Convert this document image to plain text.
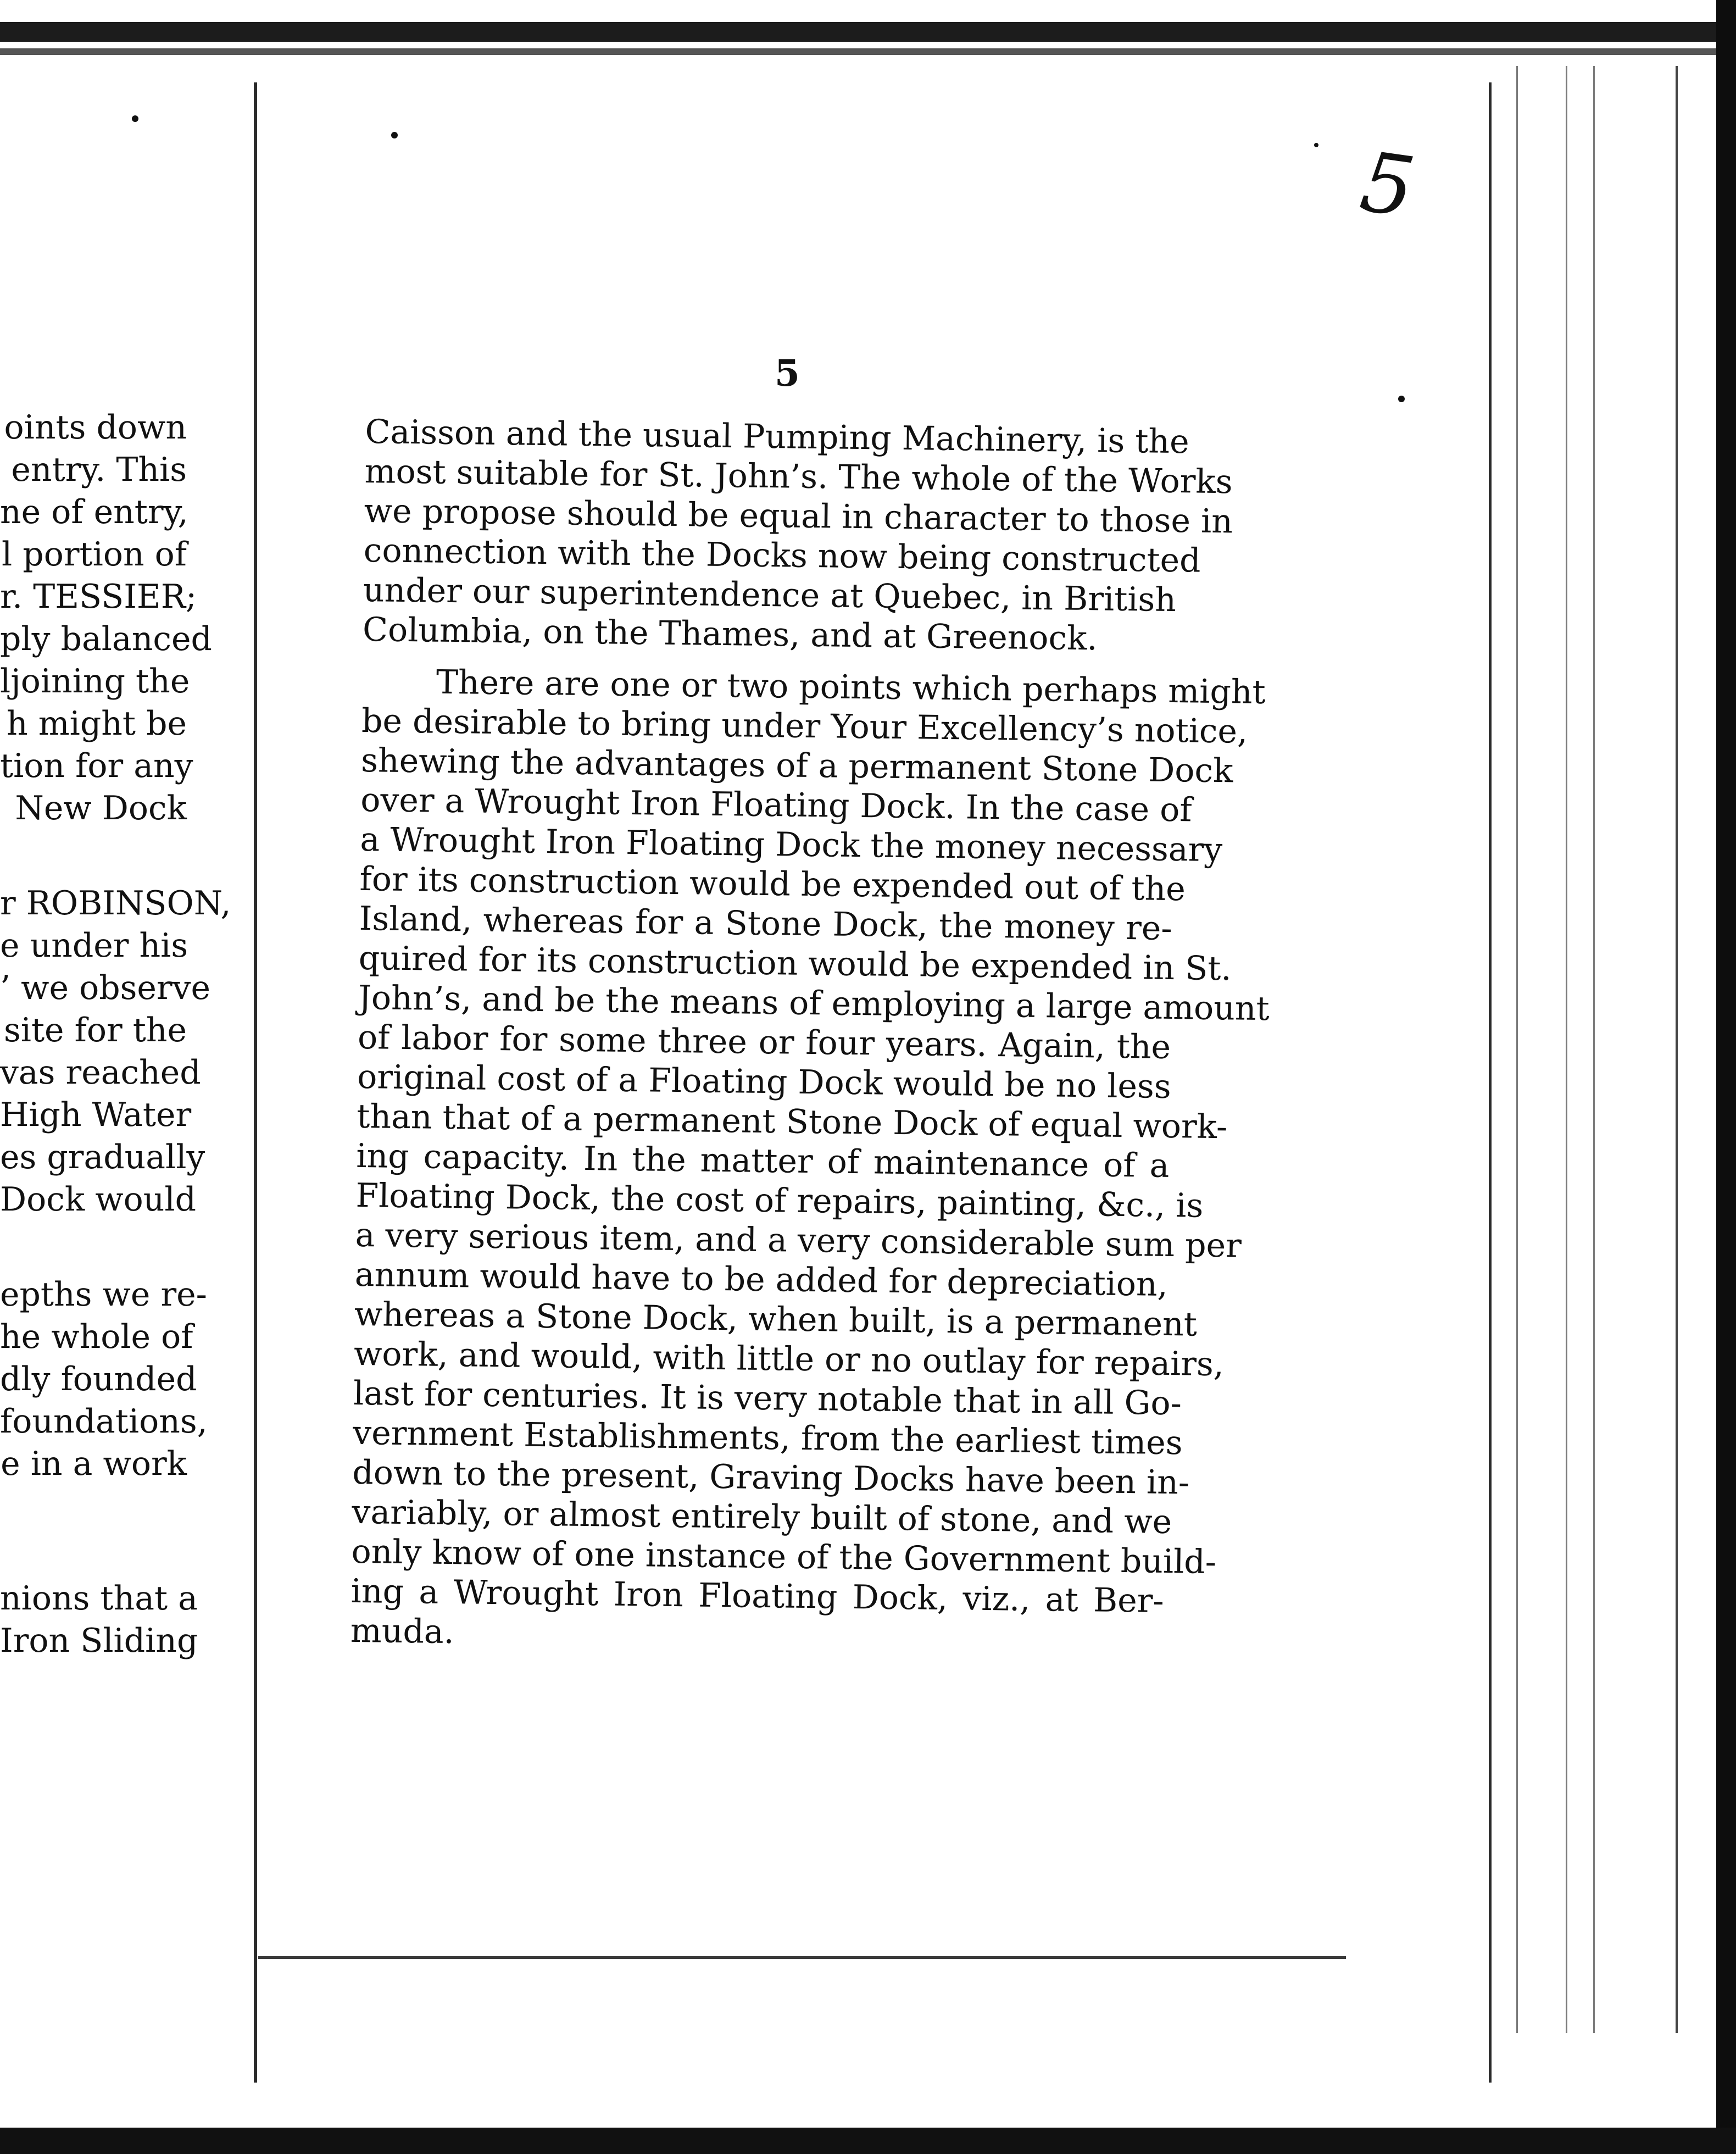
5
oints down
entry. This
ne of entry,
l portion of
r. TESSIER;
ply balanced
ljoining the
h might be
tion for any
New Dock
r ROBINSON,
e under his
’ we observe
site for the
vas reached
High Water
es gradually
Dock would
epths we re-
he whole of
dly founded
foundations,
e in a work
nions that a
Iron Sliding
5

Caisson and the usual Pumping Machinery, is the
most suitable for St. John’s. The whole of the Works
we propose should be equal in character to those in
connection with the Docks now being constructed
under our superintendence at Quebec, in British
Columbia, on the Thames, and at Greenock.

There are one or two points which perhaps might
be desirable to bring under Your Excellency’s notice,
shewing the advantages of a permanent Stone Dock
over a Wrought Iron Floating Dock. In the case of
a Wrought Iron Floating Dock the money necessary
for its construction would be expended out of the
Island, whereas for a Stone Dock, the money re-
quired for its construction would be expended in St.
John’s, and be the means of employing a large amount
of labor for some three or four years. Again, the
original cost of a Floating Dock would be no less
than that of a permanent Stone Dock of equal work-
ing capacity. In the matter of maintenance of a
Floating Dock, the cost of repairs, painting, &c., is
a very serious item, and a very considerable sum per
annum would have to be added for depreciation,
whereas a Stone Dock, when built, is a permanent
work, and would, with little or no outlay for repairs,
last for centuries. It is very notable that in all Go-
vernment Establishments, from the earliest times
down to the present, Graving Docks have been in-
variably, or almost entirely built of stone, and we
only know of one instance of the Government build-
ing a Wrought Iron Floating Dock, viz., at Ber-
muda.
